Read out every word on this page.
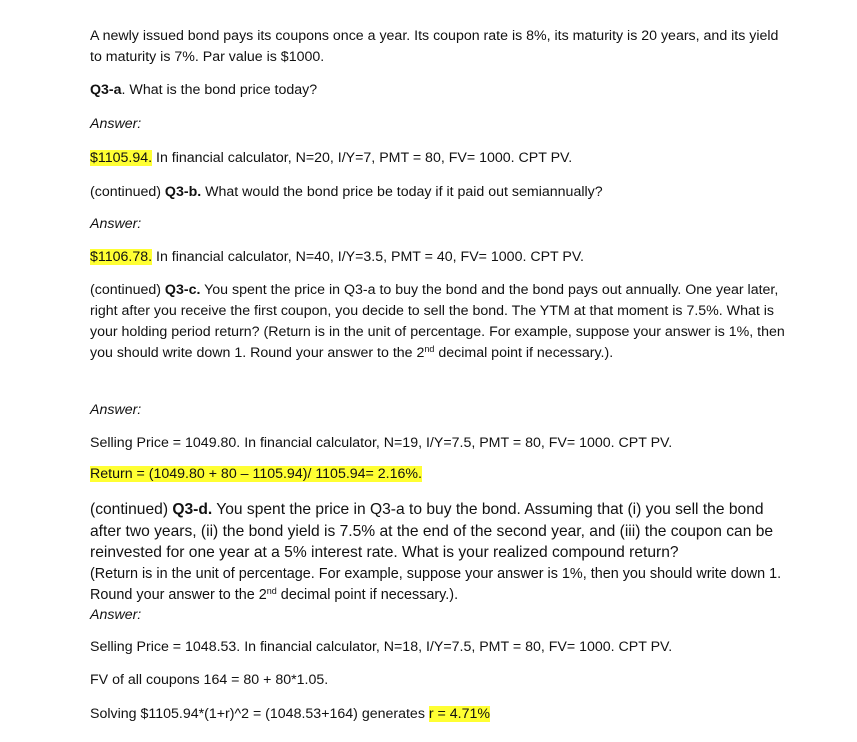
A newly issued bond pays its coupons once a year. Its coupon rate is 8%, its maturity is 20 years, and its yield to maturity is 7%. Par value is $1000.

Q3-a. What is the bond price today?

Answer:

$1105.94. In financial calculator, N=20, I/Y=7, PMT = 80, FV= 1000. CPT PV.

(continued) Q3-b. What would the bond price be today if it paid out semiannually?

Answer:

$1106.78. In financial calculator, N=40, I/Y=3.5, PMT = 40, FV= 1000. CPT PV.

(continued) Q3-c. You spent the price in Q3-a to buy the bond and the bond pays out annually. One year later, right after you receive the first coupon, you decide to sell the bond. The YTM at that moment is 7.5%. What is your holding period return? (Return is in the unit of percentage. For example, suppose your answer is 1%, then you should write down 1. Round your answer to the 2nd decimal point if necessary.).

Answer:

Selling Price = 1049.80. In financial calculator, N=19, I/Y=7.5, PMT = 80, FV= 1000. CPT PV.

Return = (1049.80 + 80 – 1105.94)/ 1105.94= 2.16%.

(continued) Q3-d. You spent the price in Q3-a to buy the bond. Assuming that (i) you sell the bond after two years, (ii) the bond yield is 7.5% at the end of the second year, and (iii) the coupon can be reinvested for one year at a 5% interest rate. What is your realized compound return?

(Return is in the unit of percentage. For example, suppose your answer is 1%, then you should write down 1. Round your answer to the 2nd decimal point if necessary.).

Answer:

Selling Price = 1048.53. In financial calculator, N=18, I/Y=7.5, PMT = 80, FV= 1000. CPT PV.

FV of all coupons 164 = 80 + 80*1.05.

Solving $1105.94*(1+r)^2 = (1048.53+164) generates r = 4.71%
